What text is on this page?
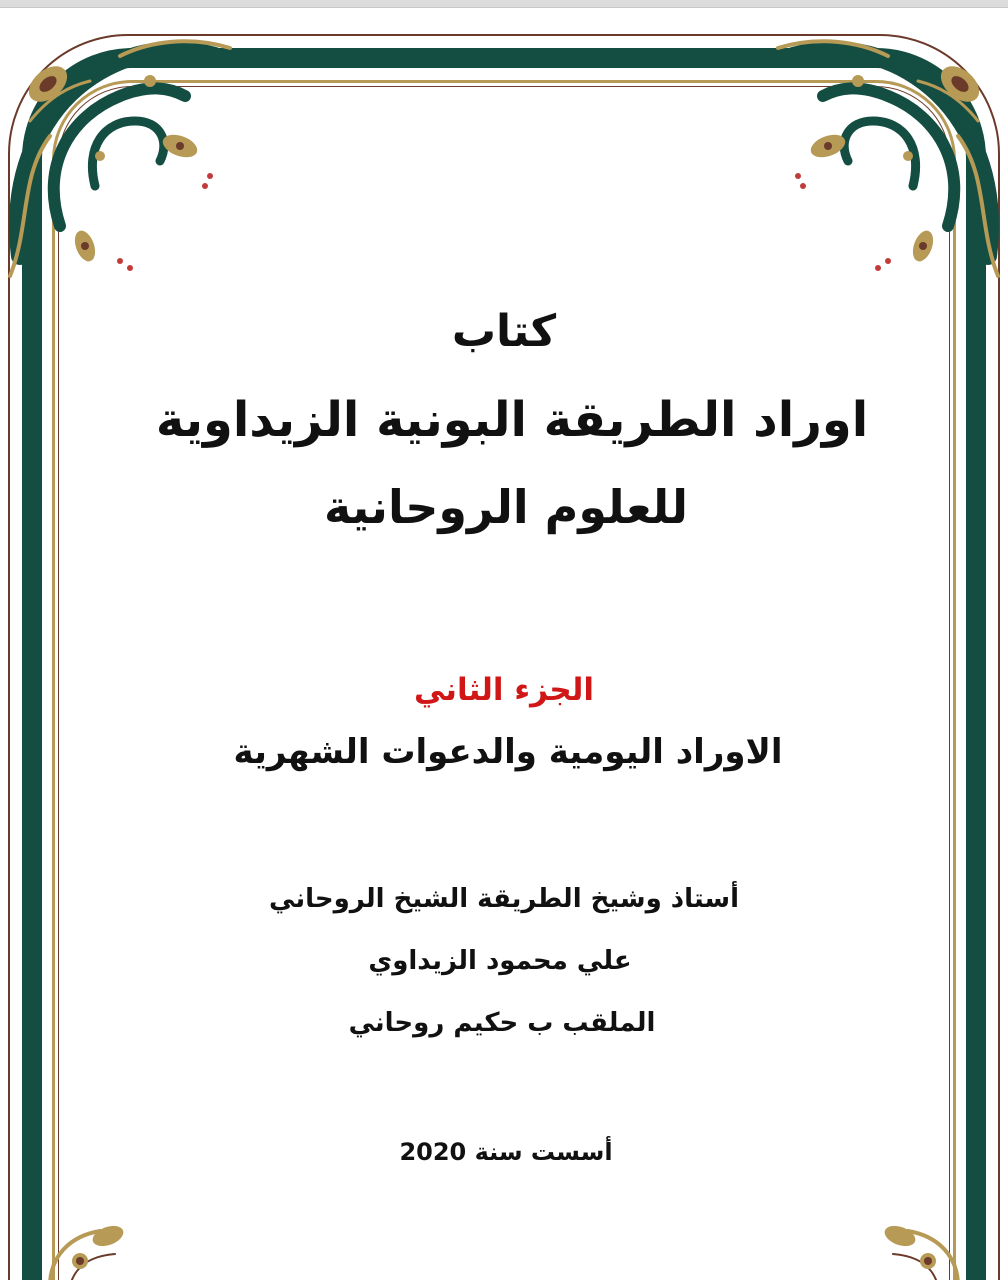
كتاب
اوراد الطريقة البونية الزيداوية
للعلوم الروحانية
الجزء الثاني
الاوراد اليومية والدعوات الشهرية
أستاذ وشيخ الطريقة الشيخ الروحاني
علي محمود الزيداوي
الملقب ب حكيم روحاني
أسست سنة 2020
